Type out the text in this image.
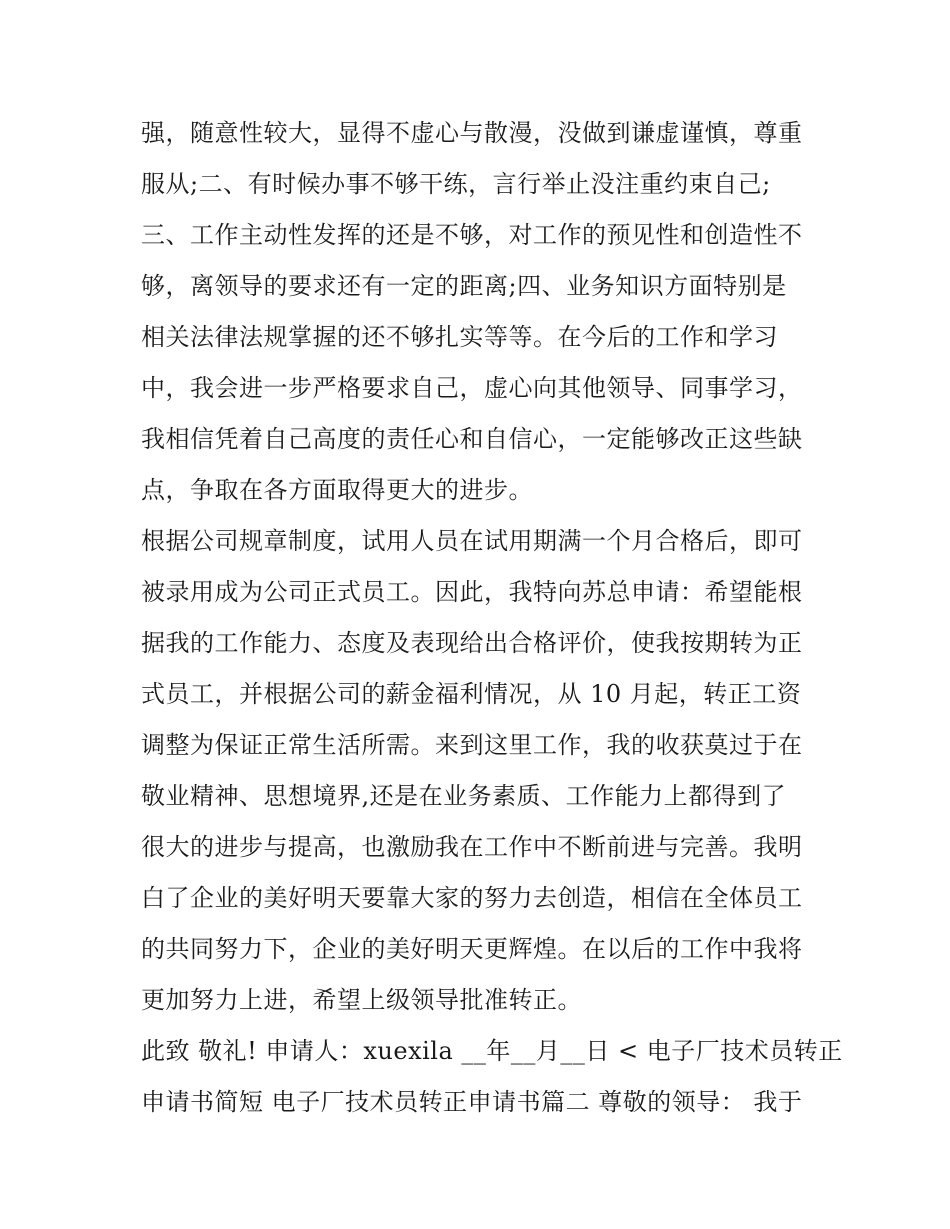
强，随意性较大，显得不虚心与散漫，没做到谦虚谨慎，尊重
服从;二、有时候办事不够干练，言行举止没注重约束自己;
三、工作主动性发挥的还是不够，对工作的预见性和创造性不
够，离领导的要求还有一定的距离;四、业务知识方面特别是
相关法律法规掌握的还不够扎实等等。在今后的工作和学习
中，我会进一步严格要求自己，虚心向其他领导、同事学习，
我相信凭着自己高度的责任心和自信心，一定能够改正这些缺
点，争取在各方面取得更大的进步。
根据公司规章制度，试用人员在试用期满一个月合格后，即可
被录用成为公司正式员工。因此，我特向苏总申请：希望能根
据我的工作能力、态度及表现给出合格评价，使我按期转为正
式员工，并根据公司的薪金福利情况，从 10 月起，转正工资
调整为保证正常生活所需。来到这里工作，我的收获莫过于在
敬业精神、思想境界,还是在业务素质、工作能力上都得到了
很大的进步与提高，也激励我在工作中不断前进与完善。我明
白了企业的美好明天要靠大家的努力去创造，相信在全体员工
的共同努力下，企业的美好明天更辉煌。在以后的工作中我将
更加努力上进，希望上级领导批准转正。
此致 敬礼! 申请人：xuexila __年__月__日 < 电子厂技术员转正
申请书简短 电子厂技术员转正申请书篇二 尊敬的领导： 我于
